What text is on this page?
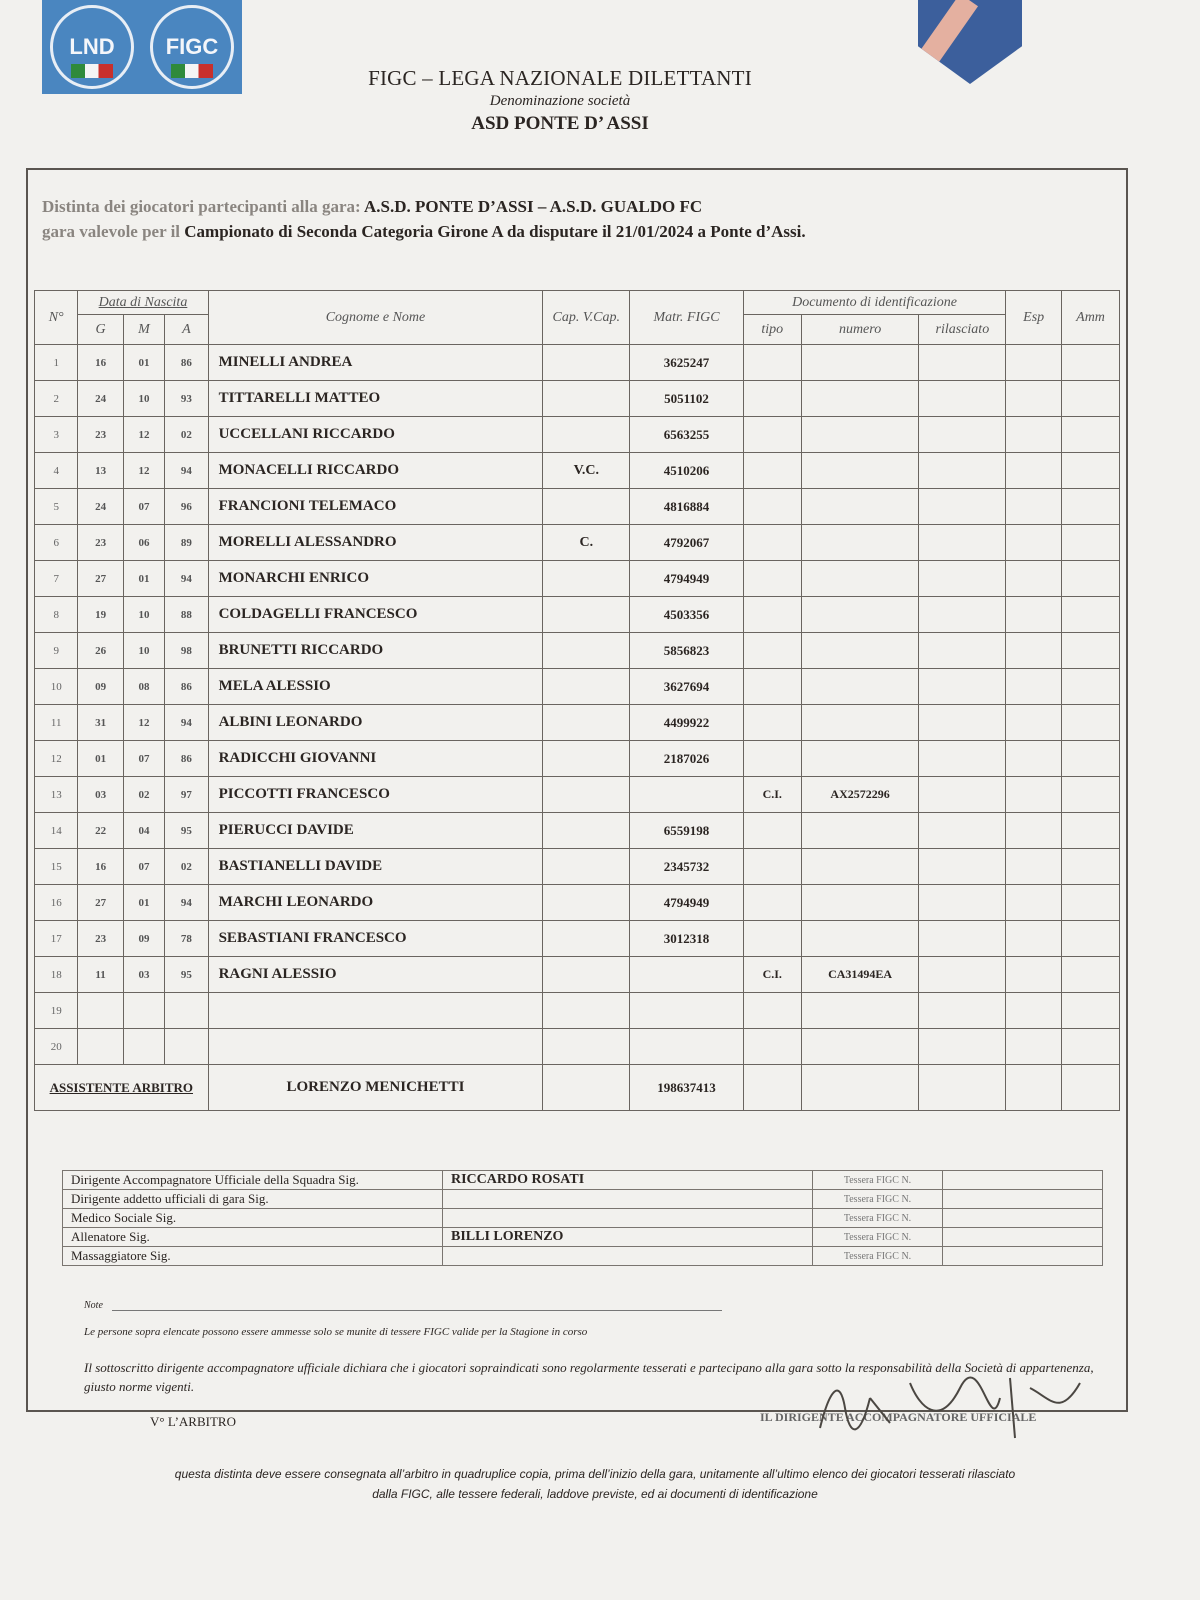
LND FIGC
FIGC – LEGA NAZIONALE DILETTANTI
Denominazione società
ASD PONTE D’ ASSI
Distinta dei giocatori partecipanti alla gara: A.S.D. PONTE D’ASSI – A.S.D. GUALDO FC
gara valevole per il Campionato di Seconda Categoria Girone A da disputare il 21/01/2024 a Ponte d’Assi.
N°	Data di Nascita			Cognome e Nome	Cap. V.Cap.	Matr. FIGC	Documento di identificazione			Esp	Amm
	G	M	A				tipo	numero	rilasciato		
1	16	01	86	MINELLI ANDREA		3625247					
2	24	10	93	TITTARELLI MATTEO		5051102					
3	23	12	02	UCCELLANI RICCARDO		6563255					
4	13	12	94	MONACELLI RICCARDO	V.C.	4510206					
5	24	07	96	FRANCIONI TELEMACO		4816884					
6	23	06	89	MORELLI ALESSANDRO	C.	4792067					
7	27	01	94	MONARCHI ENRICO		4794949					
8	19	10	88	COLDAGELLI FRANCESCO		4503356					
9	26	10	98	BRUNETTI RICCARDO		5856823					
10	09	08	86	MELA ALESSIO		3627694					
11	31	12	94	ALBINI LEONARDO		4499922					
12	01	07	86	RADICCHI GIOVANNI		2187026					
13	03	02	97	PICCOTTI FRANCESCO			C.I.	AX2572296			
14	22	04	95	PIERUCCI DAVIDE		6559198					
15	16	07	02	BASTIANELLI DAVIDE		2345732					
16	27	01	94	MARCHI LEONARDO		4794949					
17	23	09	78	SEBASTIANI FRANCESCO		3012318					
18	11	03	95	RAGNI ALESSIO			C.I.	CA31494EA			
19											
20											

ASSISTENTE ARBITRO				LORENZO MENICHETTI		198637413					
Dirigente Accompagnatore Ufficiale della Squadra Sig.	RICCARDO ROSATI	Tessera FIGC N.	
Dirigente addetto ufficiali di gara Sig.		Tessera FIGC N.	
Medico Sociale Sig.		Tessera FIGC N.	
Allenatore Sig.	BILLI LORENZO	Tessera FIGC N.	
Massaggiatore Sig.		Tessera FIGC N.	
Note
Le persone sopra elencate possono essere ammesse solo se munite di tessere FIGC valide per la Stagione in corso
Il sottoscritto dirigente accompagnatore ufficiale dichiara che i giocatori sopraindicati sono regolarmente tesserati e partecipano alla gara sotto la responsabilità della Società di appartenenza, giusto norme vigenti.
V° L’ARBITRO	IL DIRIGENTE ACCOMPAGNATORE UFFICIALE
questa distinta deve essere consegnata all’arbitro in quadruplice copia, prima dell’inizio della gara, unitamente all’ultimo elenco dei giocatori tesserati rilasciato
dalla FIGC, alle tessere federali, laddove previste, ed ai documenti di identificazione
